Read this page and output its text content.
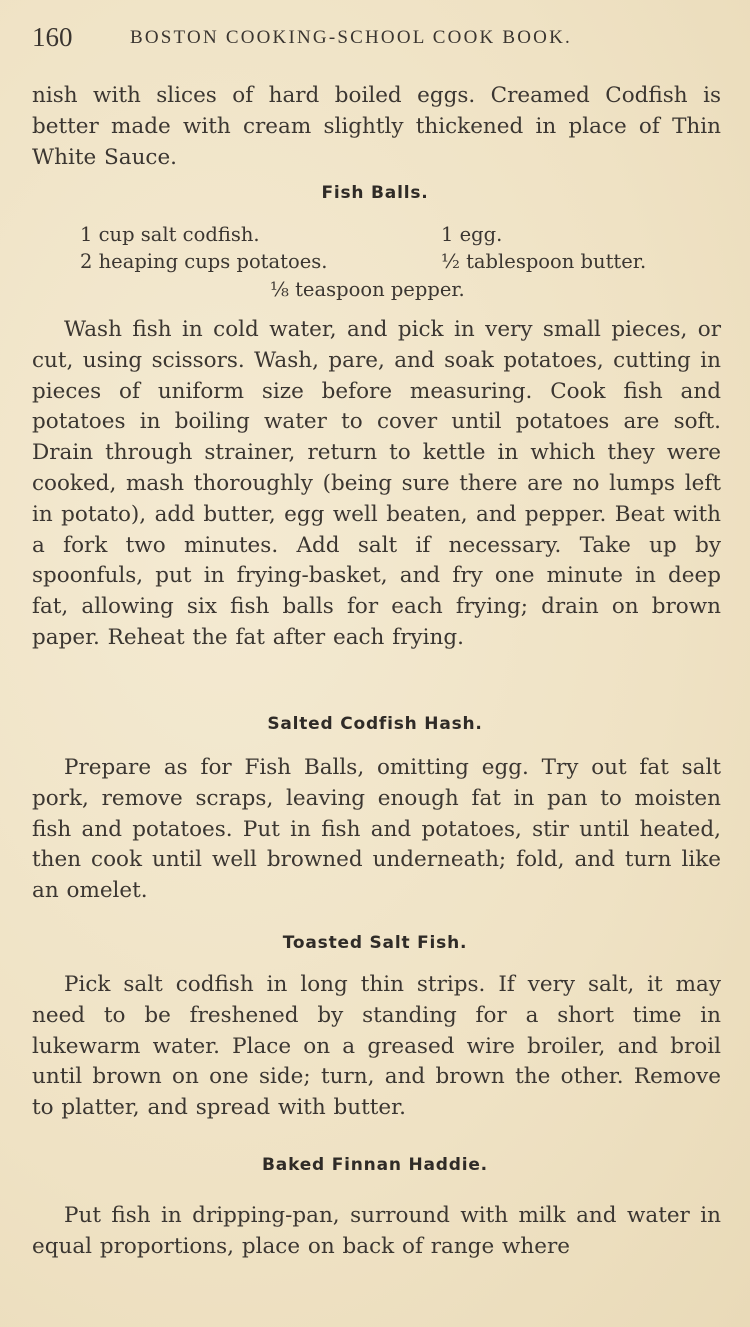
160	BOSTON COOKING-SCHOOL COOK BOOK.
nish with slices of hard boiled eggs. Creamed Codfish is better made with cream slightly thickened in place of Thin White Sauce.
Fish Balls.
1 cup salt codfish.	1 egg.
2 heaping cups potatoes.	½ tablespoon butter.
⅛ teaspoon pepper.
Wash fish in cold water, and pick in very small pieces, or cut, using scissors. Wash, pare, and soak potatoes, cutting in pieces of uniform size before measuring. Cook fish and potatoes in boiling water to cover until potatoes are soft. Drain through strainer, return to kettle in which they were cooked, mash thoroughly (being sure there are no lumps left in potato), add butter, egg well beaten, and pepper. Beat with a fork two minutes. Add salt if necessary. Take up by spoonfuls, put in frying-basket, and fry one minute in deep fat, allowing six fish balls for each frying; drain on brown paper. Reheat the fat after each frying.
Salted Codfish Hash.
Prepare as for Fish Balls, omitting egg. Try out fat salt pork, remove scraps, leaving enough fat in pan to moisten fish and potatoes. Put in fish and potatoes, stir until heated, then cook until well browned underneath; fold, and turn like an omelet.
Toasted Salt Fish.
Pick salt codfish in long thin strips. If very salt, it may need to be freshened by standing for a short time in lukewarm water. Place on a greased wire broiler, and broil until brown on one side; turn, and brown the other. Remove to platter, and spread with butter.
Baked Finnan Haddie.
Put fish in dripping-pan, surround with milk and water in equal proportions, place on back of range where
